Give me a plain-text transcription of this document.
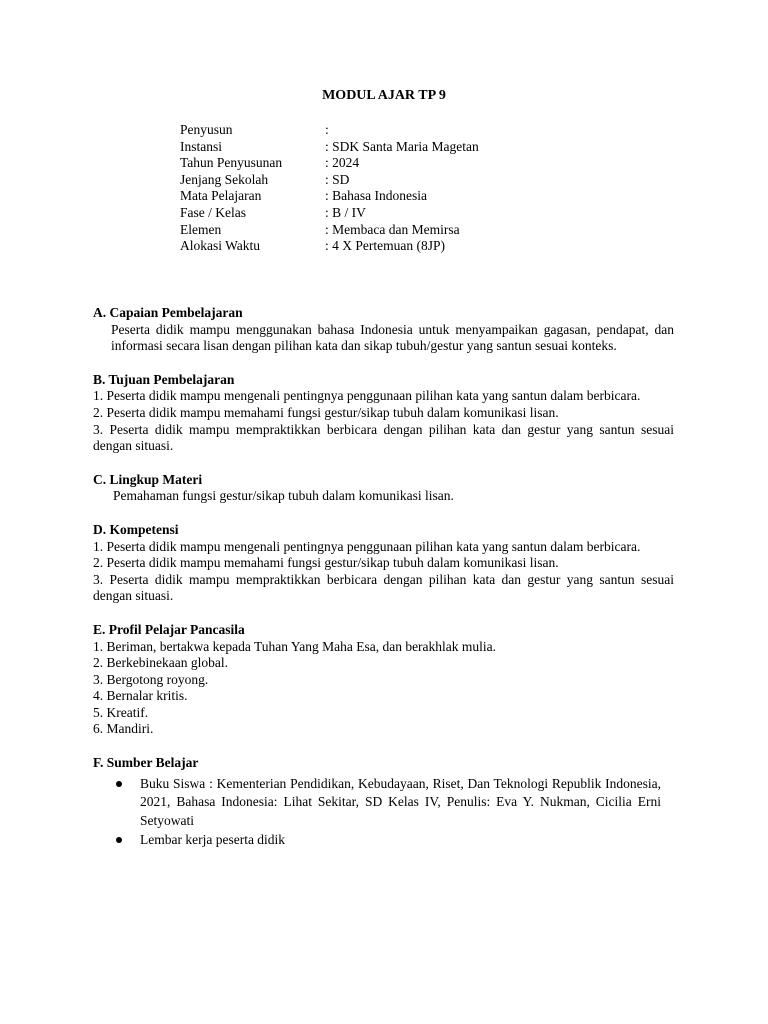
MODUL AJAR TP 9
Penyusun	:
Instansi	: SDK Santa Maria Magetan
Tahun Penyusunan	: 2024
Jenjang Sekolah	: SD
Mata Pelajaran	: Bahasa Indonesia
Fase / Kelas	: B / IV
Elemen	: Membaca dan Memirsa
Alokasi Waktu	: 4 X Pertemuan (8JP)
A. Capaian Pembelajaran

Peserta didik mampu menggunakan bahasa Indonesia untuk menyampaikan gagasan, pendapat, dan informasi secara lisan dengan pilihan kata dan sikap tubuh/gestur yang santun sesuai konteks.

B. Tujuan Pembelajaran

1. Peserta didik mampu mengenali pentingnya penggunaan pilihan kata yang santun dalam berbicara.

2. Peserta didik mampu memahami fungsi gestur/sikap tubuh dalam komunikasi lisan.

3. Peserta didik mampu mempraktikkan berbicara dengan pilihan kata dan gestur yang santun sesuai dengan situasi.

C. Lingkup Materi

Pemahaman fungsi gestur/sikap tubuh dalam komunikasi lisan.

D. Kompetensi

1. Peserta didik mampu mengenali pentingnya penggunaan pilihan kata yang santun dalam berbicara.

2. Peserta didik mampu memahami fungsi gestur/sikap tubuh dalam komunikasi lisan.

3. Peserta didik mampu mempraktikkan berbicara dengan pilihan kata dan gestur yang santun sesuai dengan situasi.

E. Profil Pelajar Pancasila

1. Beriman, bertakwa kepada Tuhan Yang Maha Esa, dan berakhlak mulia.

2. Berkebinekaan global.

3. Bergotong royong.

4. Bernalar kritis.

5. Kreatif.

6. Mandiri.

F. Sumber Belajar
Buku Siswa : Kementerian Pendidikan, Kebudayaan, Riset, Dan Teknologi Republik Indonesia, 2021, Bahasa Indonesia: Lihat Sekitar, SD Kelas IV, Penulis: Eva Y. Nukman, Cicilia Erni Setyowati
Lembar kerja peserta didik
